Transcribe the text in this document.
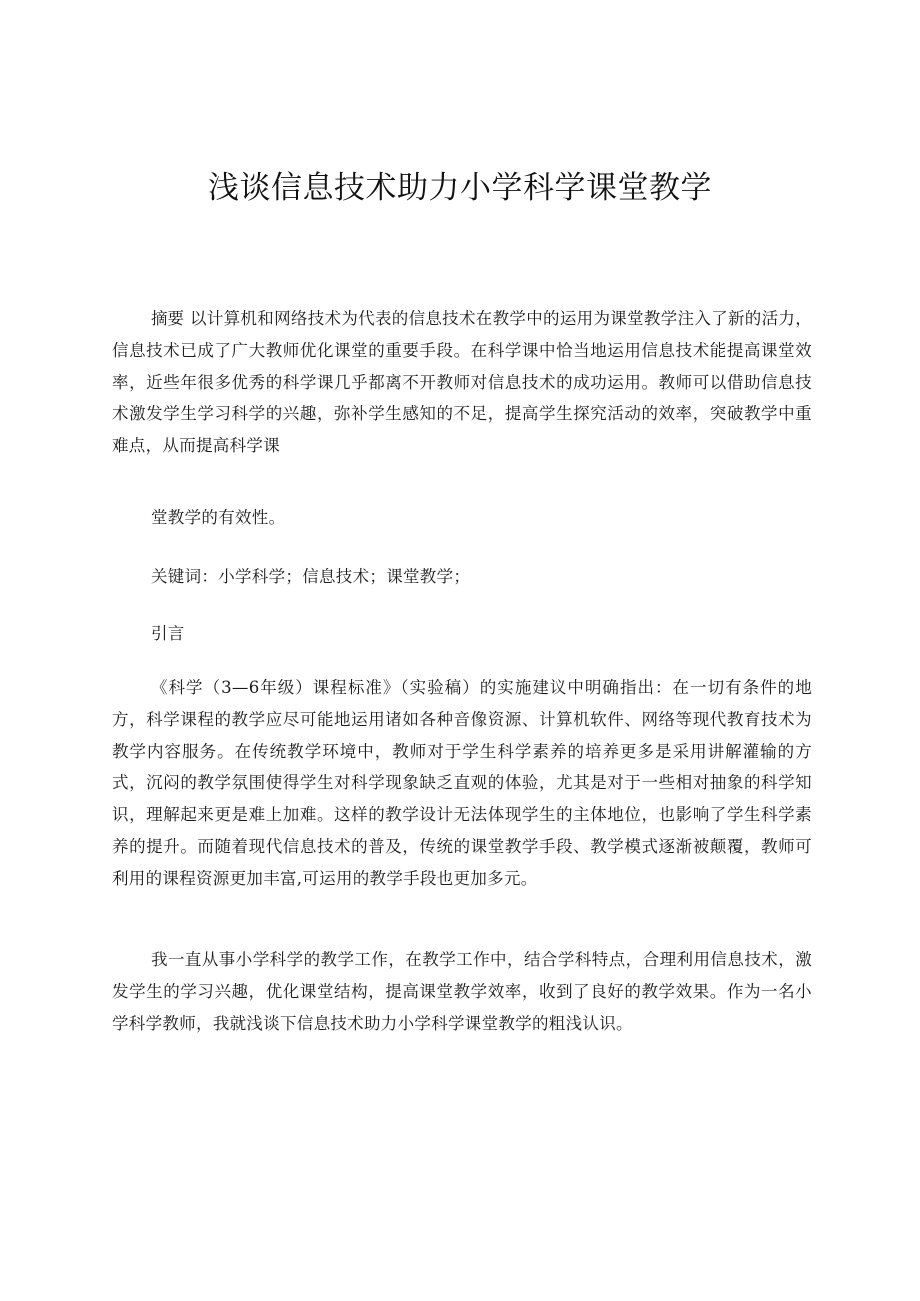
浅谈信息技术助力小学科学课堂教学

摘要 以计算机和网络技术为代表的信息技术在教学中的运用为课堂教学注入了新的活力，信息技术已成了广大教师优化课堂的重要手段。在科学课中恰当地运用信息技术能提高课堂效率，近些年很多优秀的科学课几乎都离不开教师对信息技术的成功运用。教师可以借助信息技术激发学生学习科学的兴趣，弥补学生感知的不足，提高学生探究活动的效率，突破教学中重难点，从而提高科学课

堂教学的有效性。

关键词：小学科学；信息技术；课堂教学；

引言

《科学（3—6年级）课程标准》（实验稿）的实施建议中明确指出：在一切有条件的地方，科学课程的教学应尽可能地运用诸如各种音像资源、计算机软件、网络等现代教育技术为教学内容服务。在传统教学环境中，教师对于学生科学素养的培养更多是采用讲解灌输的方式，沉闷的教学氛围使得学生对科学现象缺乏直观的体验，尤其是对于一些相对抽象的科学知识，理解起来更是难上加难。这样的教学设计无法体现学生的主体地位，也影响了学生科学素养的提升。而随着现代信息技术的普及，传统的课堂教学手段、教学模式逐渐被颠覆，教师可利用的课程资源更加丰富,可运用的教学手段也更加多元。

我一直从事小学科学的教学工作，在教学工作中，结合学科特点，合理利用信息技术，激发学生的学习兴趣，优化课堂结构，提高课堂教学效率，收到了良好的教学效果。作为一名小学科学教师，我就浅谈下信息技术助力小学科学课堂教学的粗浅认识。
